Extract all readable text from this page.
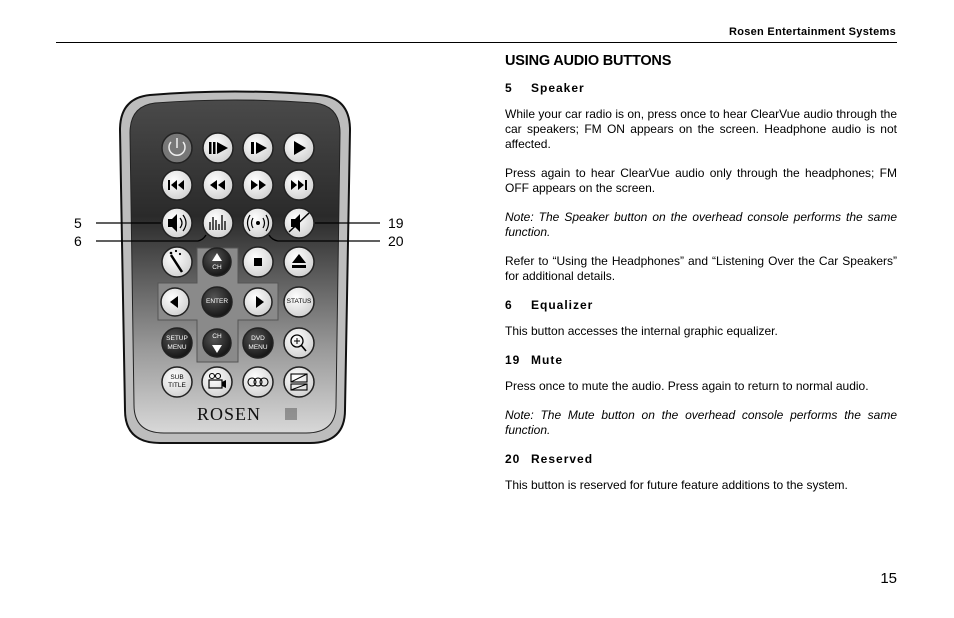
Rosen Entertainment Systems
CH
ENTER	STATUS
SETUP
MENU
CH	DVD
MENU
SUB
TITLE
ROSEN
5
6
19
20
USING AUDIO BUTTONS
5 Speaker

While your car radio is on, press once to hear ClearVue audio through the car speakers; FM ON appears on the screen. Headphone audio is not affected.

Press again to hear ClearVue audio only through the headphones; FM OFF appears on the screen.

Note: The Speaker button on the overhead console performs the same function.

Refer to “Using the Headphones” and “Listening Over the Car Speakers” for additional details.

6 Equalizer

This button accesses the internal graphic equalizer.

19 Mute

Press once to mute the audio. Press again to return to normal audio.

Note: The Mute button on the overhead console performs the same function.

20 Reserved

This button is reserved for future feature additions to the system.

15
